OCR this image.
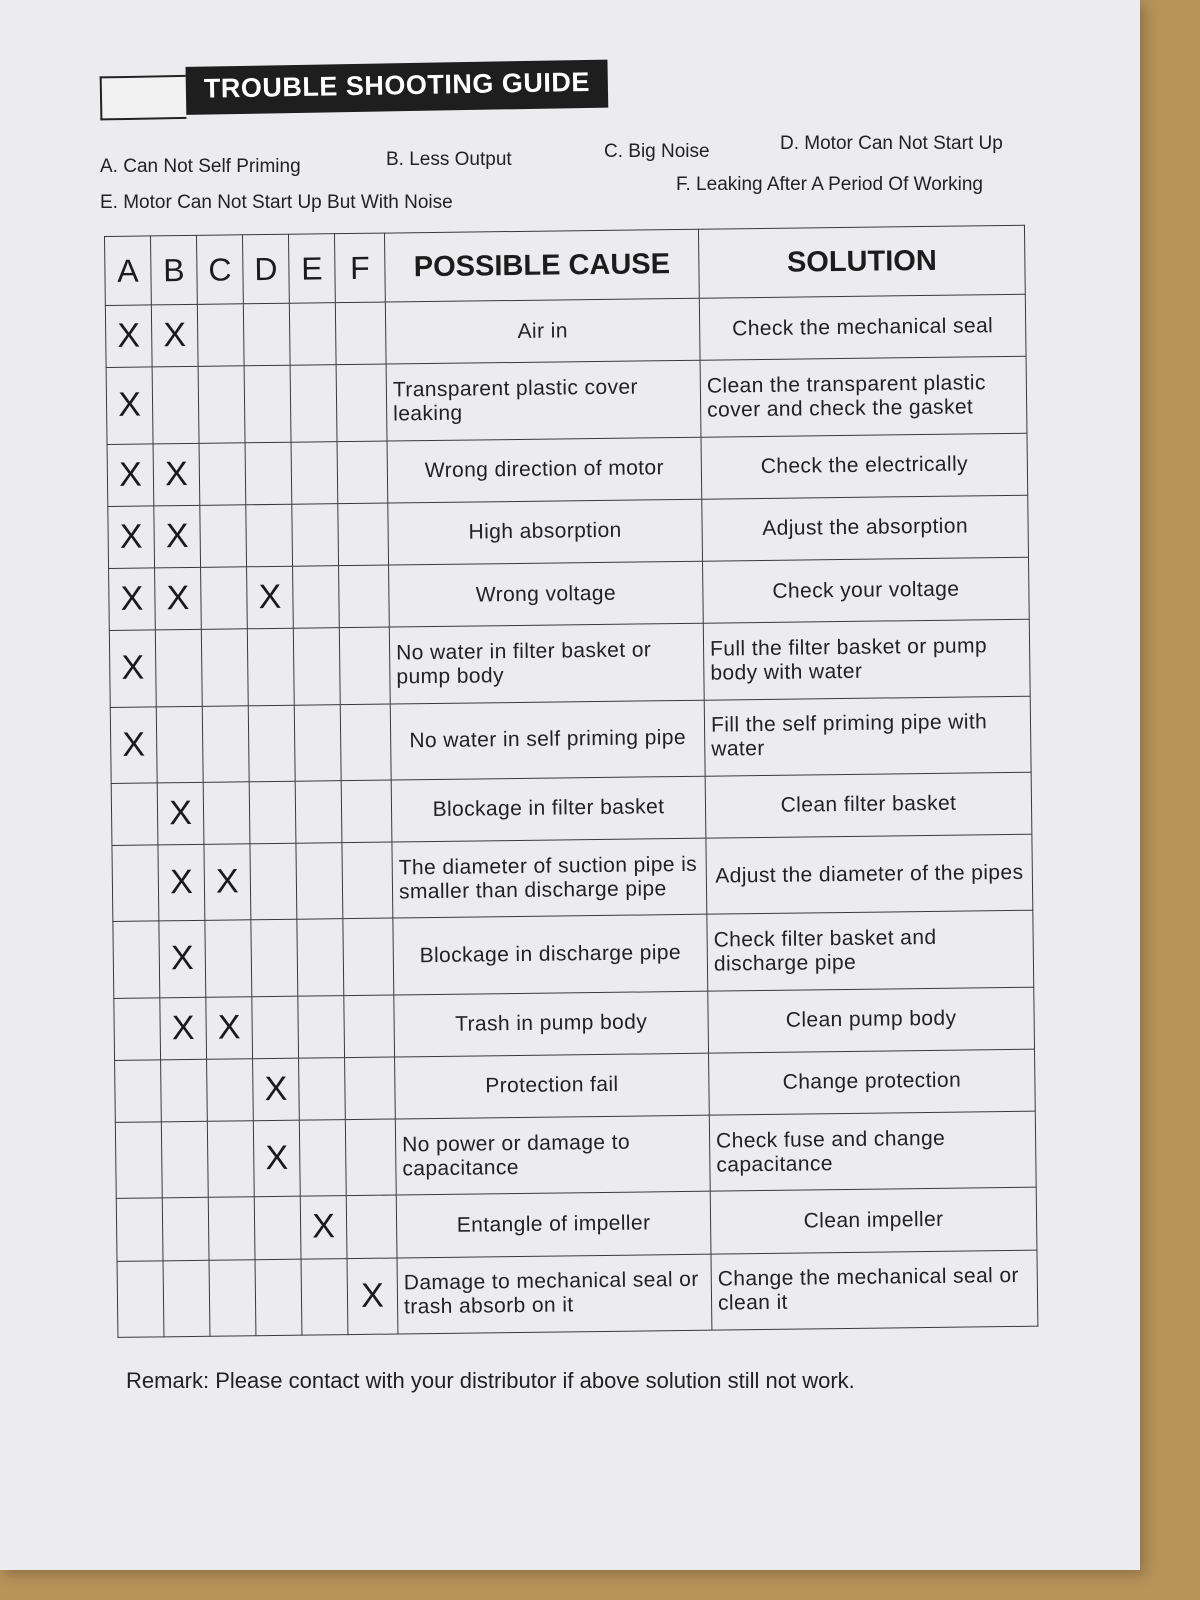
TROUBLE SHOOTING GUIDE
A. Can Not Self Priming	B. Less Output	C. Big Noise	D. Motor Can Not Start Up
E. Motor Can Not Start Up But With Noise
F. Leaking After A Period Of Working
A	B	C	D	E	F	POSSIBLE CAUSE	SOLUTION
X	X					Air in	Check the mechanical seal
X						Transparent plastic cover leaking	Clean the transparent plastic cover and check the gasket
X	X					Wrong direction of motor	Check the electrically
X	X					High absorption	Adjust the absorption
X	X		X			Wrong voltage	Check your voltage
X						No water in filter basket or pump body	Full the filter basket or pump body with water
X						No water in self priming pipe	Fill the self priming pipe with water
	X					Blockage in filter basket	Clean filter basket
	X	X				The diameter of suction pipe is smaller than discharge pipe	Adjust the diameter of the pipes
	X					Blockage in discharge pipe	Check filter basket and discharge pipe
	X	X				Trash in pump body	Clean pump body
			X			Protection fail	Change protection
			X			No power or damage to capacitance	Check fuse and change capacitance
				X		Entangle of impeller	Clean impeller
					X	Damage to mechanical seal or trash absorb on it	Change the mechanical seal or clean it
Remark: Please contact with your distributor if above solution still not work.
